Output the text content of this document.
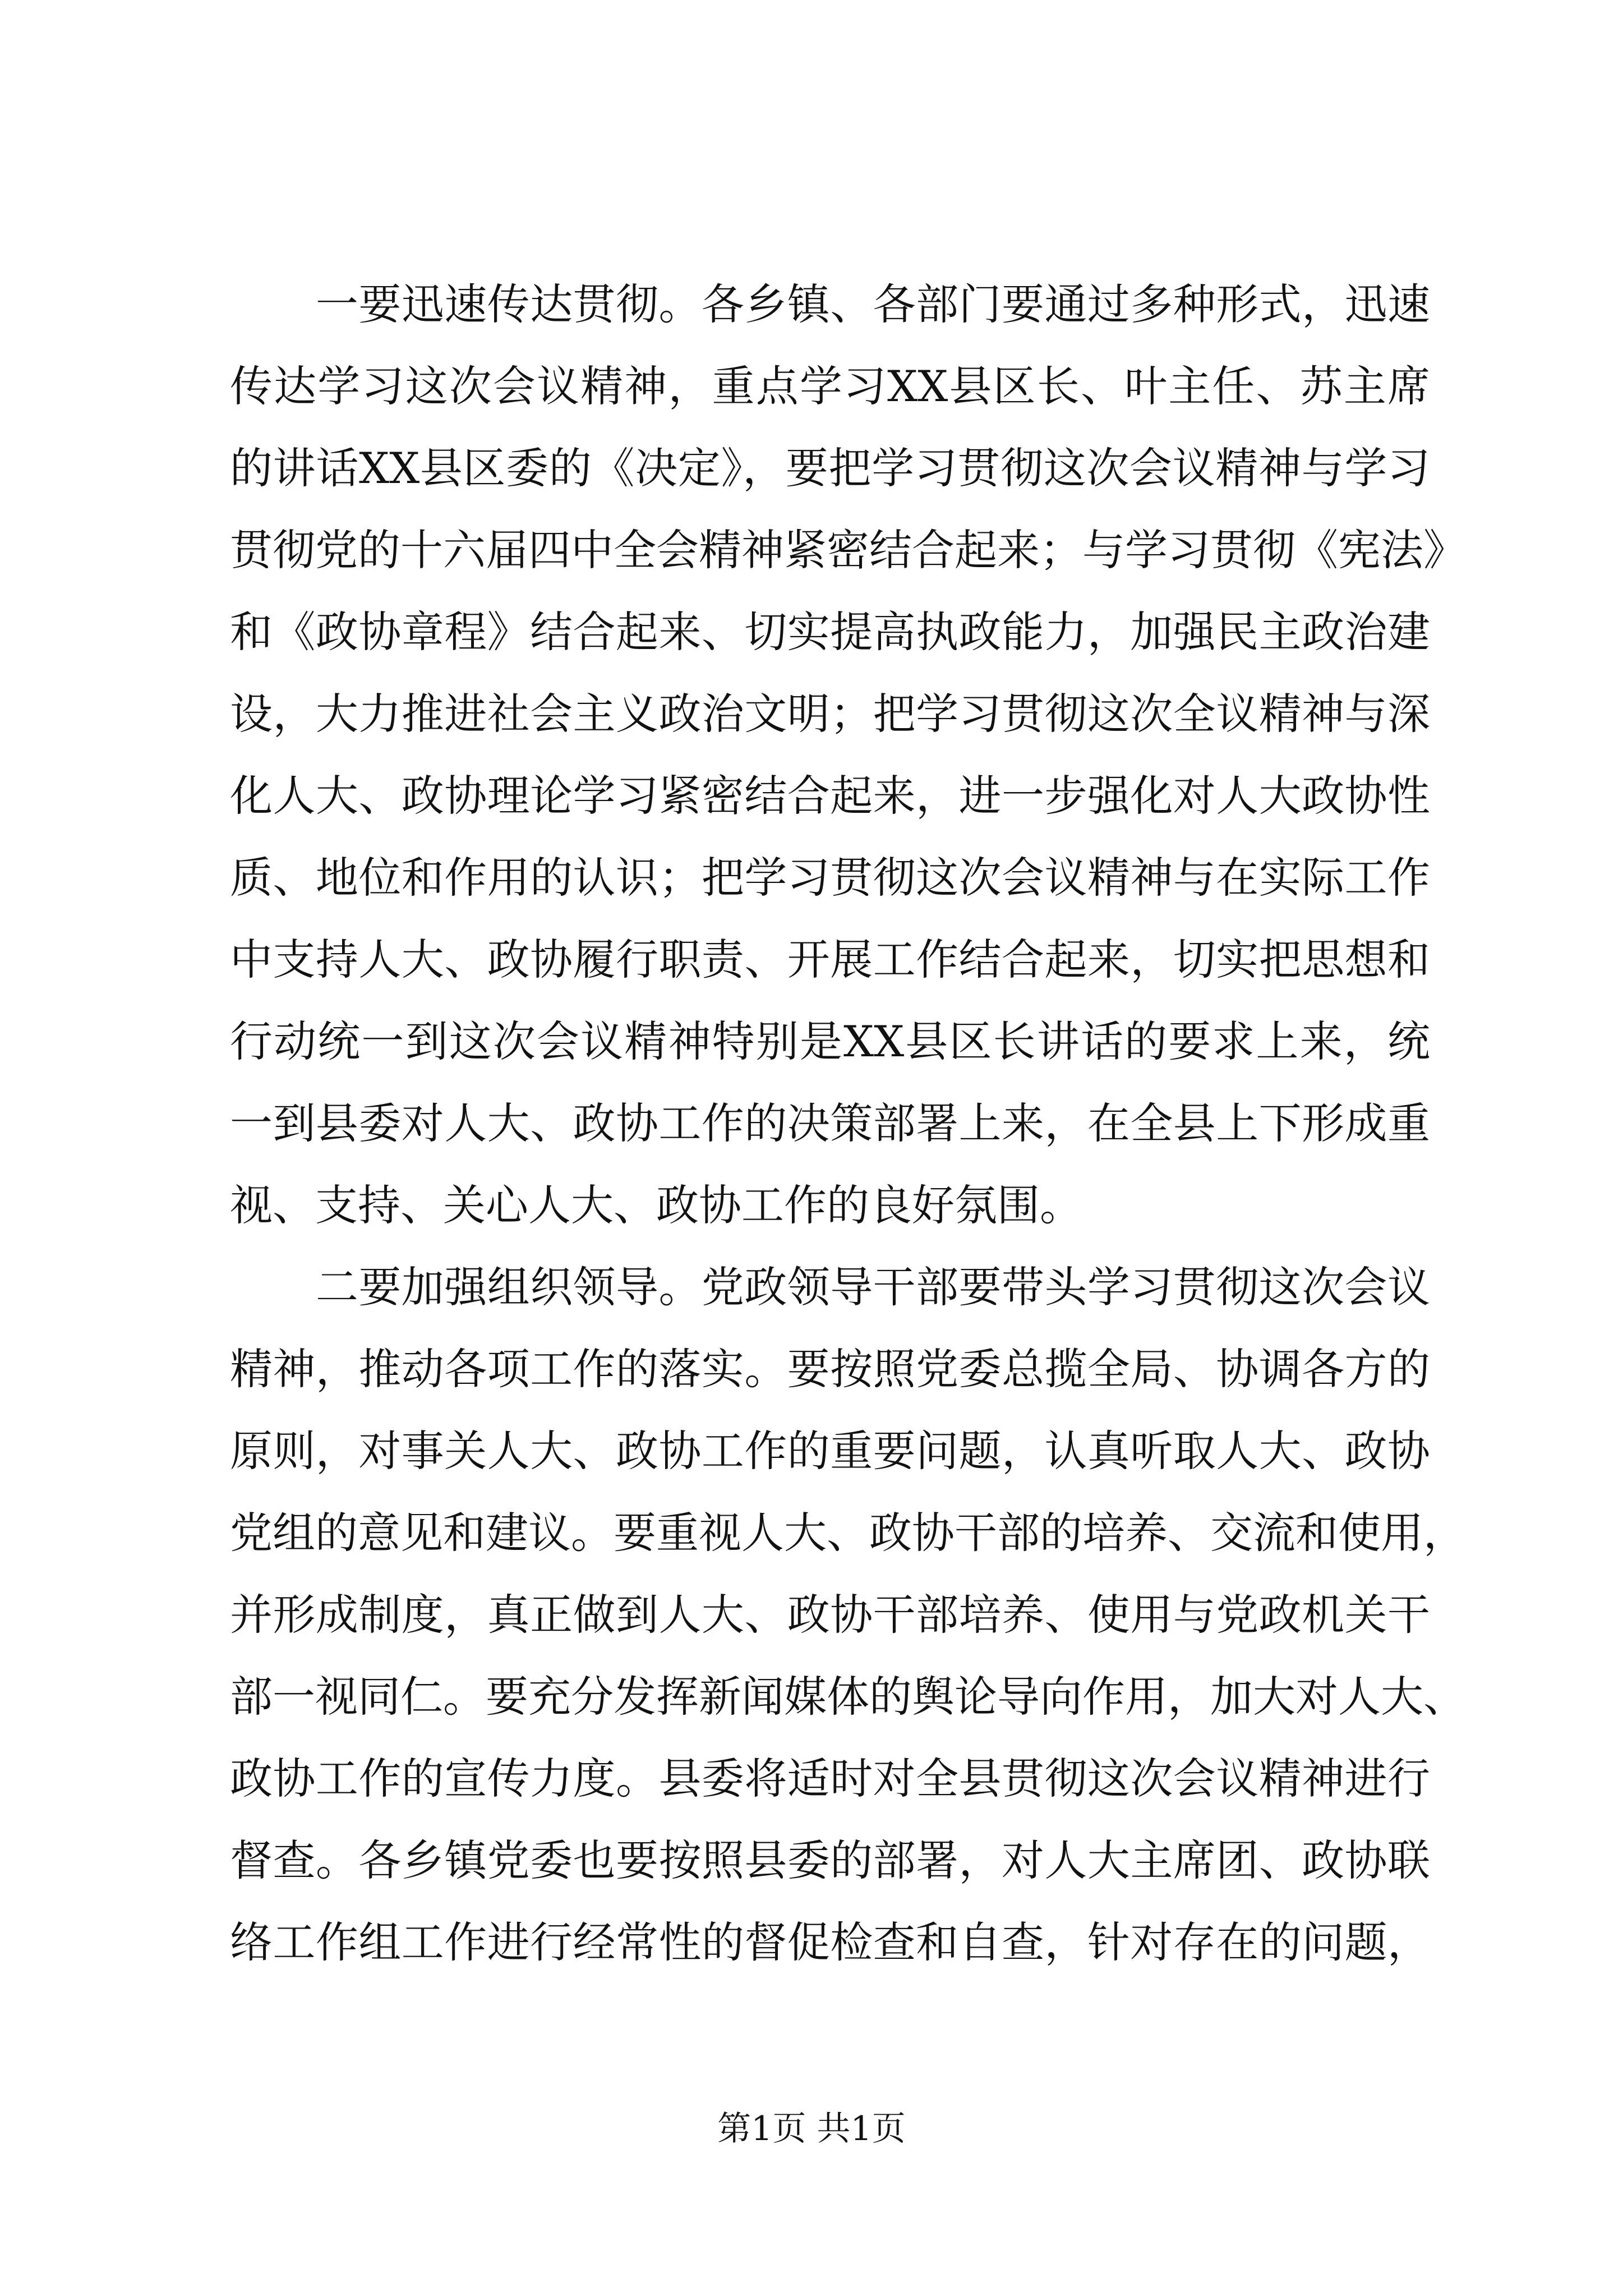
　　一要迅速传达贯彻。各乡镇、各部门要通过多种形式，迅速
传达学习这次会议精神，重点学习XX县区长、叶主任、苏主席
的讲话XX县区委的《决定》，要把学习贯彻这次会议精神与学习
贯彻党的十六届四中全会精神紧密结合起来；与学习贯彻《宪法》
和《政协章程》结合起来、切实提高执政能力，加强民主政治建
设，大力推进社会主义政治文明；把学习贯彻这次全议精神与深
化人大、政协理论学习紧密结合起来，进一步强化对人大政协性
质、地位和作用的认识；把学习贯彻这次会议精神与在实际工作
中支持人大、政协履行职责、开展工作结合起来，切实把思想和
行动统一到这次会议精神特别是XX县区长讲话的要求上来，统
一到县委对人大、政协工作的决策部署上来，在全县上下形成重
视、支持、关心人大、政协工作的良好氛围。
　　二要加强组织领导。党政领导干部要带头学习贯彻这次会议
精神，推动各项工作的落实。要按照党委总揽全局、协调各方的
原则，对事关人大、政协工作的重要问题，认真听取人大、政协
党组的意见和建议。要重视人大、政协干部的培养、交流和使用，
并形成制度，真正做到人大、政协干部培养、使用与党政机关干
部一视同仁。要充分发挥新闻媒体的舆论导向作用，加大对人大、
政协工作的宣传力度。县委将适时对全县贯彻这次会议精神进行
督查。各乡镇党委也要按照县委的部署，对人大主席团、政协联
络工作组工作进行经常性的督促检查和自查，针对存在的问题，
第1页 共1页
